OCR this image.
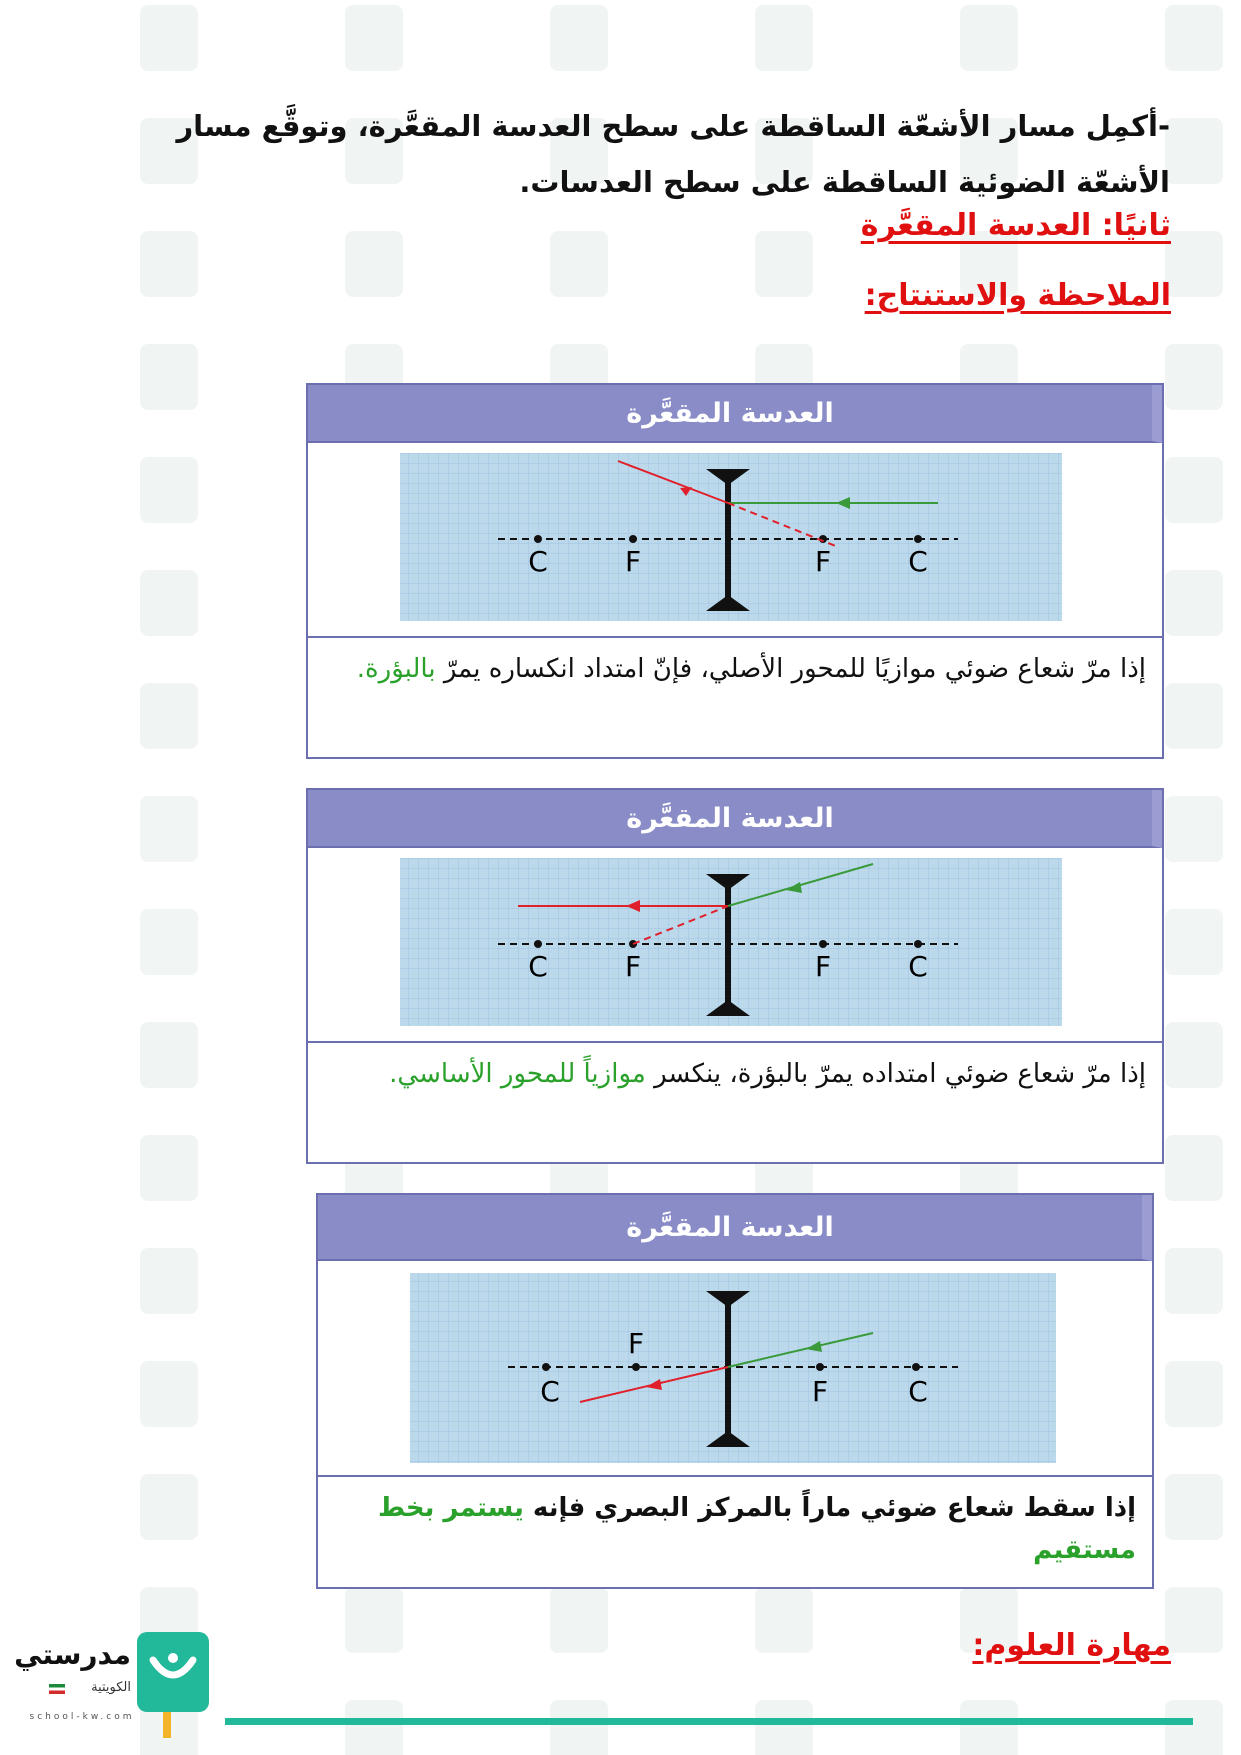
-أكمِل مسار الأشعّة الساقطة على سطح العدسة المقعَّرة، وتوقَّع مسار الأشعّة الضوئية الساقطة على سطح العدسات.
ثانيًا: العدسة المقعَّرة
الملاحظة والاستنتاج:
العدسة المقعَّرة
C	F	F	C
إذا مرّ شعاع ضوئي موازيًا للمحور الأصلي، فإنّ امتداد انكساره يمرّ بالبؤرة.
العدسة المقعَّرة
C	F	F	C
إذا مرّ شعاع ضوئي امتداده يمرّ بالبؤرة، ينكسر موازياً للمحور الأساسي.
العدسة المقعَّرة
C
F
F	C
إذا سقط شعاع ضوئي ماراً بالمركز البصري فإنه يستمر بخط مستقيم
مهارة العلوم:
مدرستي
الكويتية
school-kw.com
